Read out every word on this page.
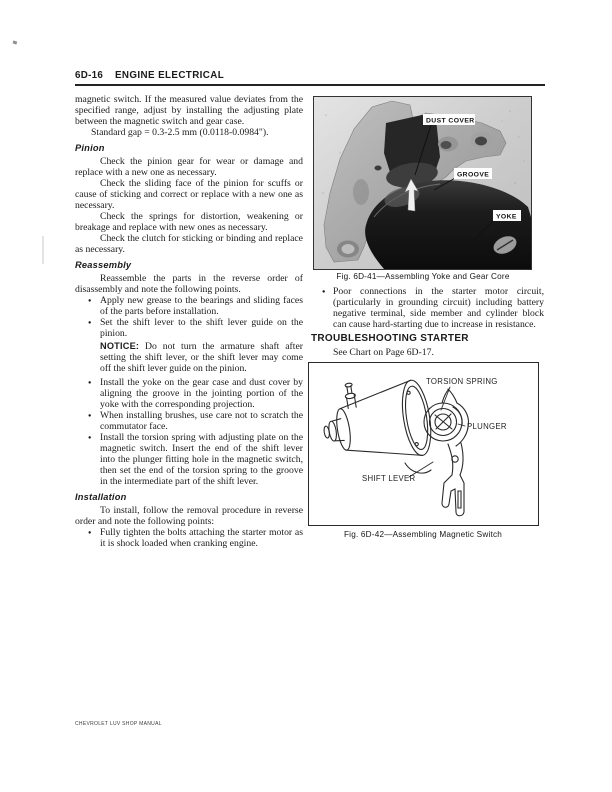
6D-16 ENGINE ELECTRICAL

magnetic switch. If the measured value deviates from the specified range, adjust by installing the adjusting plate between the magnetic switch and gear case.

Standard gap = 0.3-2.5 mm (0.0118-0.0984").

Pinion

Check the pinion gear for wear or damage and replace with a new one as necessary.

Check the sliding face of the pinion for scuffs or cause of sticking and correct or replace with a new one as necessary.

Check the springs for distortion, weakening or breakage and replace with new ones as necessary.

Check the clutch for sticking or binding and replace as necessary.

Reassembly

Reassemble the parts in the reverse order of disassembly and note the following points.

●
Apply new grease to the bearings and sliding faces of the parts before installation.
●
Set the shift lever to the shift lever guide on the pinion.

NOTICE: Do not turn the armature shaft after setting the shift lever, or the shift lever may come off the shift lever guide on the pinion.

●
Install the yoke on the gear case and dust cover by aligning the groove in the jointing portion of the yoke with the corresponding projection.
●
When installing brushes, use care not to scratch the commutator face.
●
Install the torsion spring with adjusting plate on the magnetic switch. Insert the end of the shift lever into the plunger fitting hole in the magnetic switch, then set the end of the torsion spring to the groove in the intermediate part of the shift lever.
Installation

To install, follow the removal procedure in reverse order and note the following points:

●
Fully tighten the bolts attaching the starter motor as it is shock loaded when cranking engine.
DUST COVER
GROOVE
YOKE
Fig. 6D-41—Assembling Yoke and Gear Core
●
Poor connections in the starter motor circuit, (particularly in grounding circuit) including battery negative terminal, side member and cylinder block can cause hard-starting due to increase in resistance.
TROUBLESHOOTING STARTER
See Chart on Page 6D-17.
TORSION SPRING
PLUNGER
SHIFT LEVER
Fig. 6D-42—Assembling Magnetic Switch
CHEVROLET LUV SHOP MANUAL
